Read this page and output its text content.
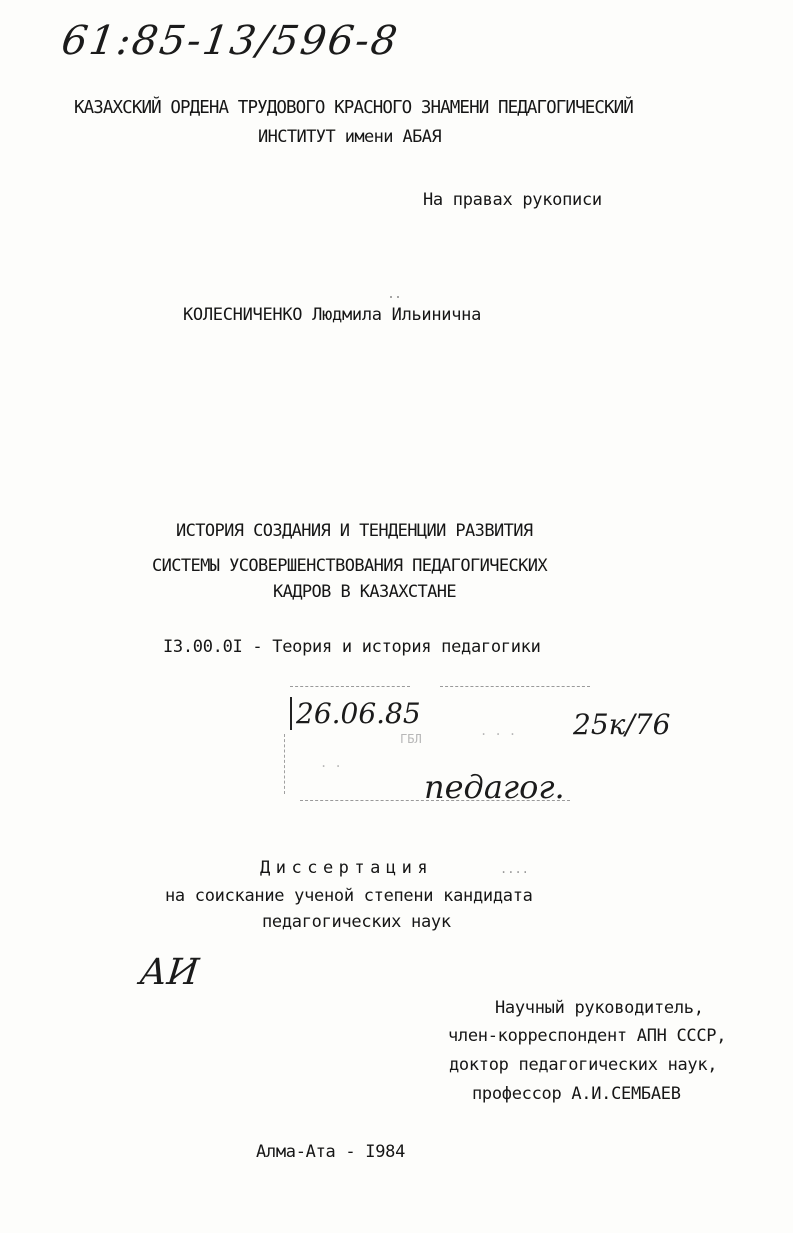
61:85-13/596-8
КАЗАХСКИЙ ОРДЕНА ТРУДОВОГО КРАСНОГО ЗНАМЕНИ ПЕДАГОГИЧЕСКИЙ
ИНСТИТУТ имени АБАЯ
На правах рукописи
КОЛЕСНИЧЕНКО Людмила Ильинична
ИСТОРИЯ СОЗДАНИЯ И ТЕНДЕНЦИИ РАЗВИТИЯ
СИСТЕМЫ УСОВЕРШЕНСТВОВАНИЯ ПЕДАГОГИЧЕСКИХ
КАДРОВ В КАЗАХСТАНЕ
I3.00.0I - Теория и история педагогики
ГБЛ
. .
. . .
26.06.85	25к/76
педагог.
Диссертация	....
на соискание ученой степени кандидата
педагогических наук
АИ
Научный руководитель,
член-корреспондент АПН СССР,
доктор педагогических наук,
профессор А.И.СЕМБАЕВ
Алма-Ата - I984
